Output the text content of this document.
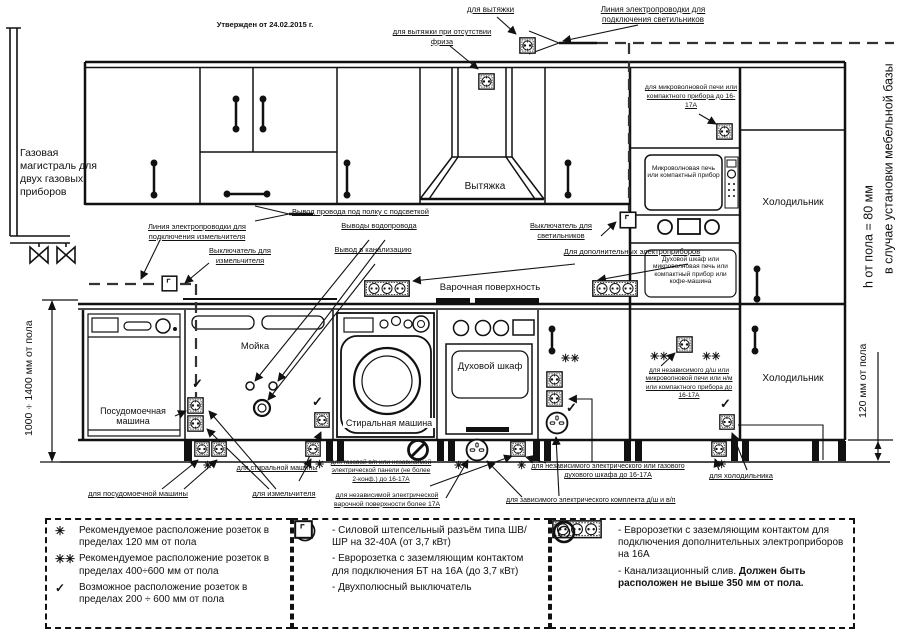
Утвержден от 24.02.2015 г.
для вытяжки	Линия электропроводки для подключения светильников
для вытяжки при отсутствии фриза
для микроволновой печи или компактного прибора до 16-17А
Газовая магистраль для двух газовых приборов
Линия электропроводки для подключения измельчителя
Выключатель для измельчителя
Вывод провода под полку с подсветкой
Выводы водопровода
Вывод в канализацию
Выключатель для светильников
Для дополнительных электроприборов
Варочная поверхность
Вытяжка
Микроволновая печь или компактный прибор
Духовой шкаф или микроволновая печь или компактный прибор или кофе-машина
Холодильник
Холодильник
Посудомоечная машина
Мойка
Стиральная машина
Духовой шкаф	для независимого д/ш или микроволновой печи или н/м или компактного прибора до 16-17А
для посудомоечной машины
для стиральной машины
для измельчителя
для газовой в/п или независимой электрической панели (не более 2-конф.) до 16-17А
для независимой электрической варочной поверхности более 17А
для независимого электрического или газового духового шкафа до 16-17А
для зависимого электрического комплекта д/ш и в/п
для холодильника
✓
✓	✓	✓
✳✳	✳✳	✳✳
✳	✳	✳	✳	✳
1000÷1400 мм от пола	120 мм от пола
в случае установки мебельной базы
h от пола = 80 мм
✳	Рекомендуемое расположение розеток в пределах 120 мм от пола
✳✳ Рекомендуемое расположение розеток в пределах 400÷600 мм от пола
✓	Возможное расположение розеток в пределах 200 ÷ 600 мм от пола
- Силовой штепсельный разъём типа ШВ/ШР на 32-40А (от 3,7 кВт)
- Евророзетка с заземляющим контактом для подключения БТ на 16А (до 3,7 кВт)
- Двухполюсный выключатель
- Евророзетки с заземляющим контактом для подключения дополнительных электроприборов на 16А
- Канализационный слив. Должен быть расположен не выше 350 мм от пола.
